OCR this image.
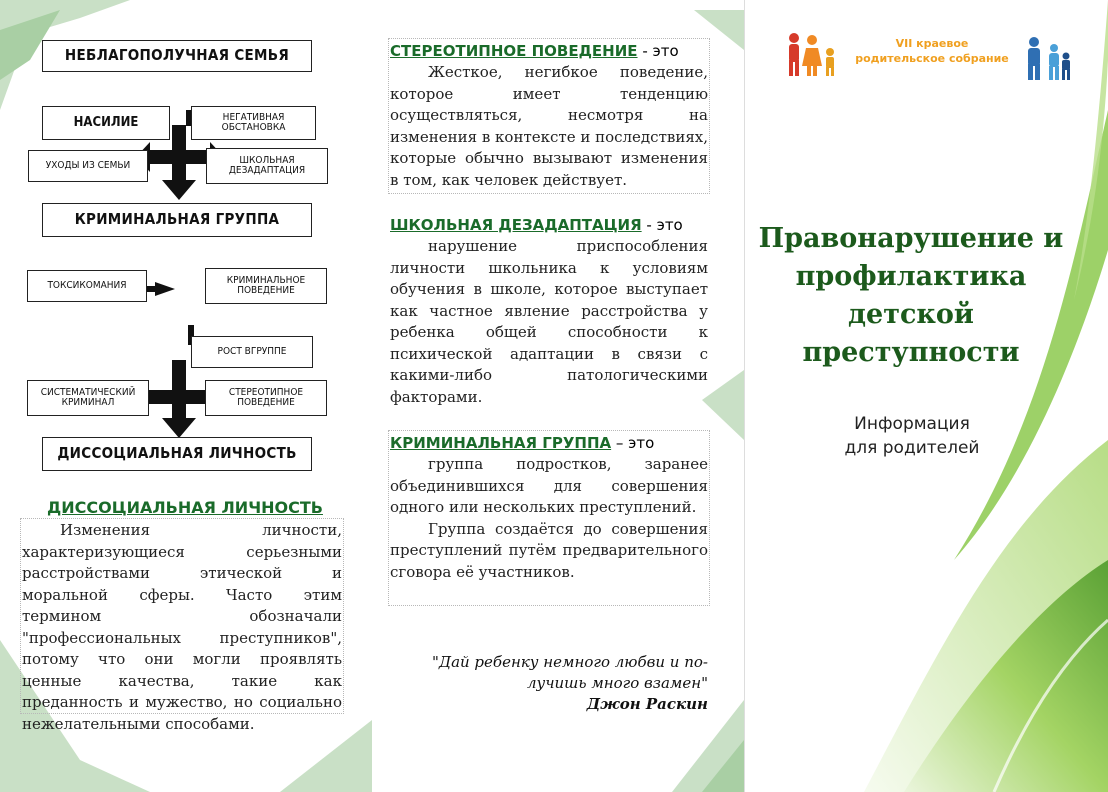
НЕБЛАГОПОЛУЧНАЯ СЕМЬЯ
НАСИЛИЕ	НЕГАТИВНАЯ ОБСТАНОВКА
УХОДЫ ИЗ СЕМЬИ	ШКОЛЬНАЯ ДЕЗАДАПТАЦИЯ
КРИМИНАЛЬНАЯ ГРУППА
ТОКСИКОМАНИЯ	КРИМИНАЛЬНОЕ ПОВЕДЕНИЕ
РОСТ ВГРУППЕ
СИСТЕМАТИЧЕСКИЙ КРИМИНАЛ
СТЕРЕОТИПНОЕ ПОВЕДЕНИЕ
ДИССОЦИАЛЬНАЯ ЛИЧНОСТЬ
ДИССОЦИАЛЬНАЯ ЛИЧНОСТЬ
Изменения личности, характеризующиеся серьезными расстройствами этической и моральной сферы. Часто этим термином обозначали "профессиональных преступников", потому что они могли проявлять ценные качества, такие как преданность и мужество, но социально нежелательными способами.
СТЕРЕОТИПНОЕ ПОВЕДЕНИЕ - это
Жесткое, негибкое поведение, которое имеет тенденцию осуществляться, несмотря на изменения в контексте и последствиях, которые обычно вызывают изменения в том, как человек действует.
ШКОЛЬНАЯ ДЕЗАДАПТАЦИЯ - это
нарушение приспособления личности школьника к условиям обучения в школе, которое выступает как частное явление расстройства у ребенка общей способности к психической адаптации в связи с какими-либо патологическими факторами.
КРИМИНАЛЬНАЯ ГРУППА – это
группа подростков, заранее объединившихся для совершения одного или нескольких преступлений.
Группа создаётся до совершения преступлений путём предварительного сговора её участников.
"Дай ребенку немного любви и по-
лучишь много взамен"
Джон Раскин
VII краевое
родительское собрание
Правонарушение и профилактика детской преступности
Информация
для родителей
